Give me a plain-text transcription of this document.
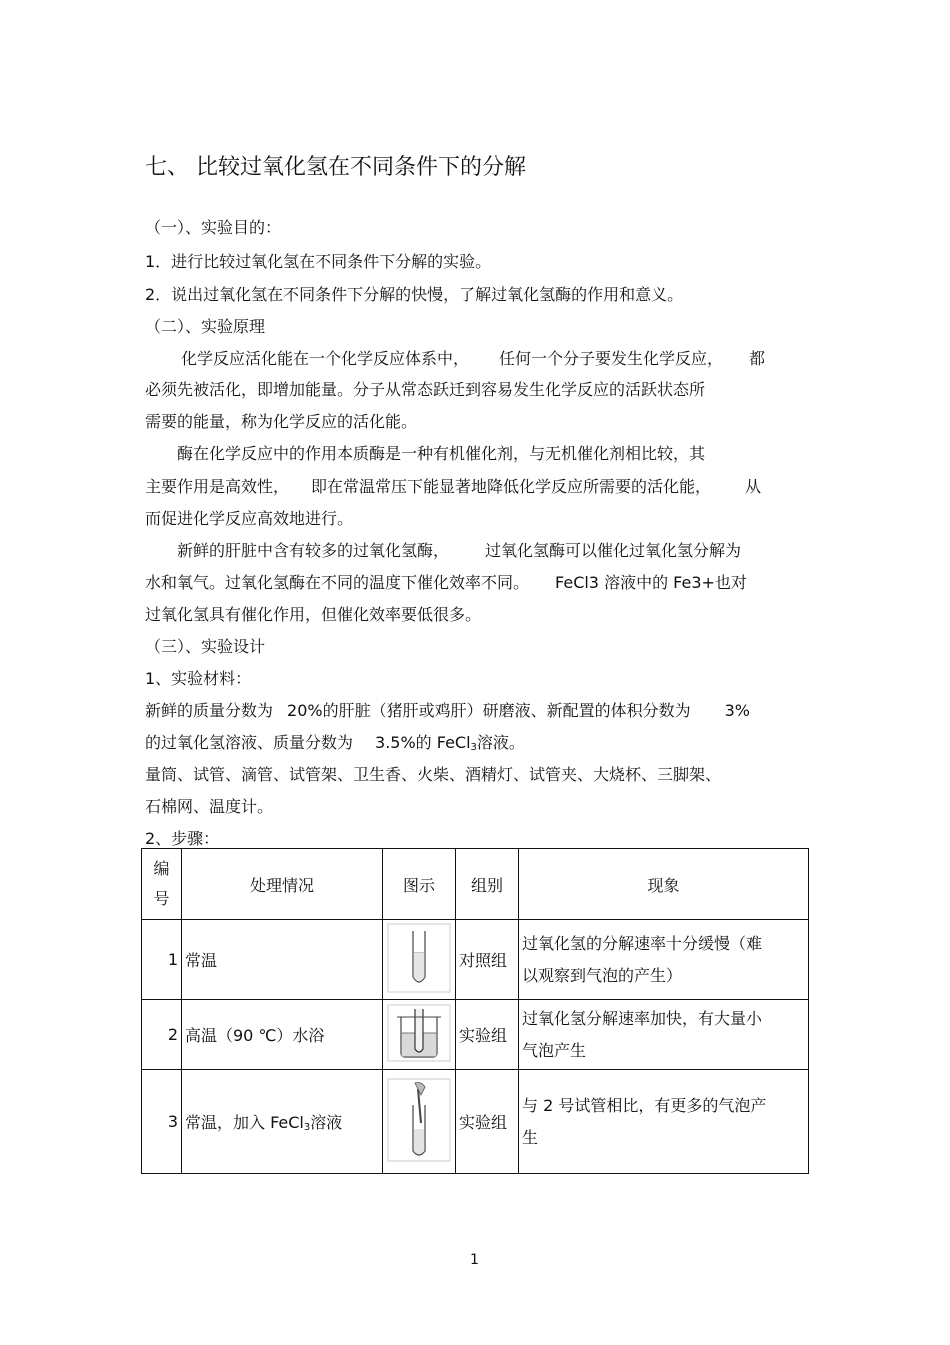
七、 比较过氧化氢在不同条件下的分解
（一）、实验目的：
1．进行比较过氧化氢在不同条件下分解的实验。
2．说出过氧化氢在不同条件下分解的快慢，了解过氧化氢酶的作用和意义。
（二）、实验原理
化学反应活化能在一个化学反应体系中， 任何一个分子要发生化学反应， 都
必须先被活化，即增加能量。分子从常态跃迁到容易发生化学反应的活跃状态所
需要的能量，称为化学反应的活化能。
酶在化学反应中的作用本质酶是一种有机催化剂，与无机催化剂相比较，其
主要作用是高效性， 即在常温常压下能显著地降低化学反应所需要的活化能， 从
而促进化学反应高效地进行。
新鲜的肝脏中含有较多的过氧化氢酶， 过氧化氢酶可以催化过氧化氢分解为
水和氧气。过氧化氢酶在不同的温度下催化效率不同。 FeCl3 溶液中的 Fe3+也对
过氧化氢具有催化作用，但催化效率要低很多。
（三）、实验设计
1、实验材料：
新鲜的质量分数为 20%的肝脏（猪肝或鸡肝）研磨液、新配置的体积分数为 3%
的过氧化氢溶液、质量分数为 3.5%的 FeCl$_3$溶液。
量筒、试管、滴管、试管架、卫生香、火柴、酒精灯、试管夹、大烧杯、三脚架、
石棉网、温度计。
2、步骤：
编
号	处理情况	图示	组别	现象
1	常温		对照组	过氧化氢的分解速率十分缓慢（难
以观察到气泡的产生）

2	高温（90 ℃）水浴		实验组	过氧化氢分解速率加快，有大量小
气泡产生

3	常温，加入 FeCl$_3$溶液		实验组	与 2 号试管相比，有更多的气泡产
生
1
